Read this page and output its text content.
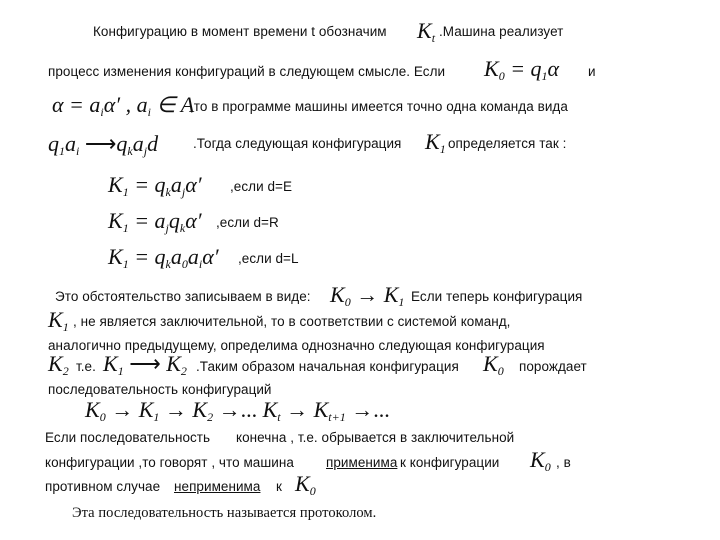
Конфигурацию в момент времени t обозначим $K_t$ .Машина реализует
процесс изменения конфигураций в следующем смысле. Если $K_0 = q_1\alpha$ и
$\alpha = a_i\alpha'$ , $a_i$ ∈ A
,то в программе машины имеется точно одна команда вида
$q_1a_i$ $⟶q_ka_jd$	.Тогда следующая конфигурация $K_1$ определяется так :
$K_1 = q_ka_j\alpha'$ ,если d=E
$K_1 = a_jq_k\alpha'$ ,если d=R
$K_1 = q_ka_0a_i\alpha'$ ,если d=L
Это обстоятельство записываем в виде: $K_0 \to K_1$ Если теперь конфигурация
$K_1$ , не является заключительной, то в соответствии с системой команд,
аналогично предыдущему, определима однозначно следующая конфигурация
$K_2$ т.е. $K_1$ ⟶ $K_2$ .Таким образом начальная конфигурация $K_0$ порождает
последовательность конфигураций
$K_0 \to K_1 \to K_2$ →... $K_t \to K_{t+1}$ →...
Если последовательность конечна , т.е. обрывается в заключительной
конфигурации ,то говорят , что машина применима к конфигурации $K_0$ , в
противном случае неприменима к $K_0$
Эта последовательность называется протоколом.
